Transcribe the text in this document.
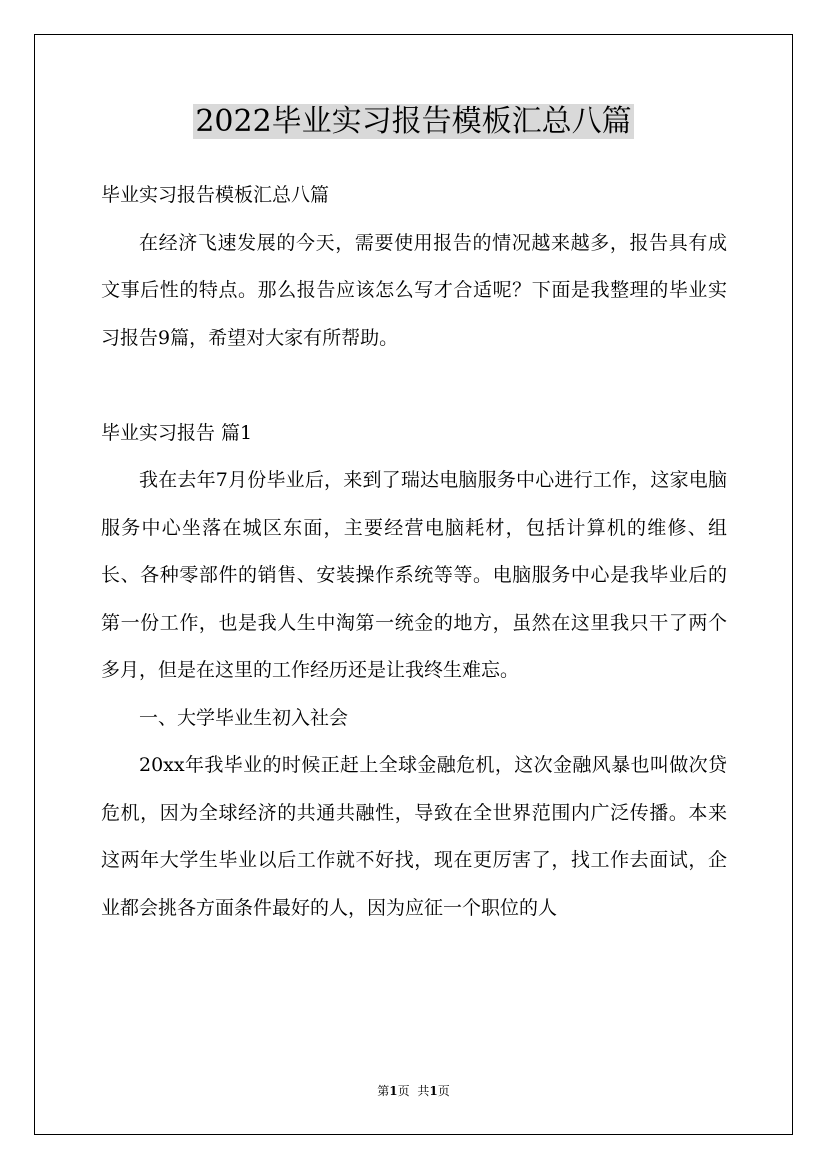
2022毕业实习报告模板汇总八篇

毕业实习报告模板汇总八篇

在经济飞速发展的今天，需要使用报告的情况越来越多，报告具有成文事后性的特点。那么报告应该怎么写才合适呢？下面是我整理的毕业实习报告9篇，希望对大家有所帮助。

毕业实习报告 篇1

我在去年7月份毕业后，来到了瑞达电脑服务中心进行工作，这家电脑服务中心坐落在城区东面，主要经营电脑耗材，包括计算机的维修、组长、各种零部件的销售、安装操作系统等等。电脑服务中心是我毕业后的第一份工作，也是我人生中淘第一统金的地方，虽然在这里我只干了两个多月，但是在这里的工作经历还是让我终生难忘。

一、大学毕业生初入社会

20xx年我毕业的时候正赶上全球金融危机，这次金融风暴也叫做次贷危机，因为全球经济的共通共融性，导致在全世界范围内广泛传播。本来这两年大学生毕业以后工作就不好找，现在更厉害了，找工作去面试，企业都会挑各方面条件最好的人，因为应征一个职位的人

第1页 共1页
